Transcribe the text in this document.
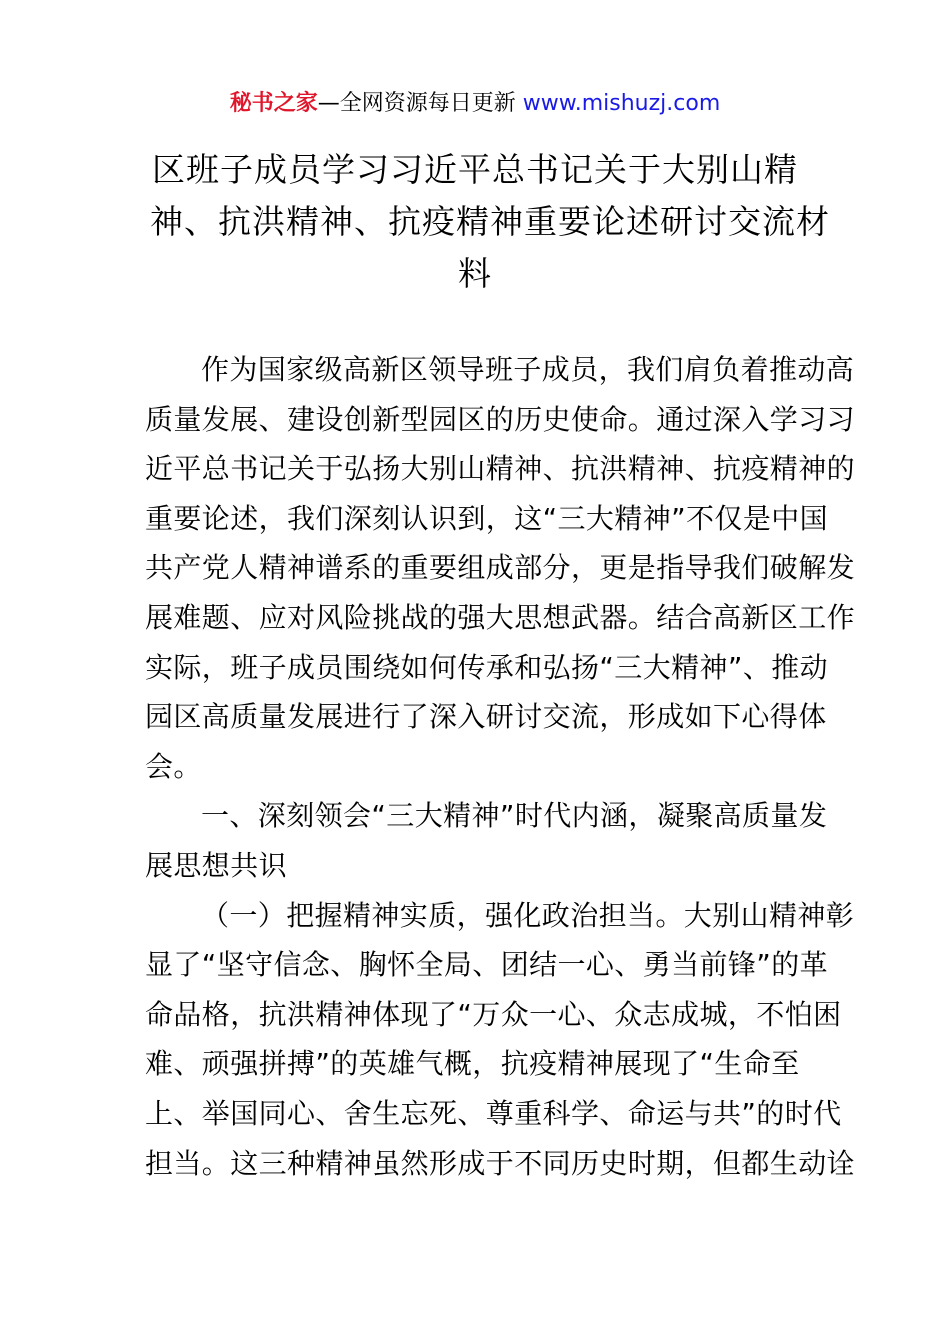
秘书之家—全网资源每日更新 www.mishuzj.com
区班子成员学习习近平总书记关于大别山精
神、抗洪精神、抗疫精神重要论述研讨交流材
料
作为国家级高新区领导班子成员，我们肩负着推动高
质量发展、建设创新型园区的历史使命。通过深入学习习
近平总书记关于弘扬大别山精神、抗洪精神、抗疫精神的
重要论述，我们深刻认识到，这“三大精神”不仅是中国
共产党人精神谱系的重要组成部分，更是指导我们破解发
展难题、应对风险挑战的强大思想武器。结合高新区工作
实际，班子成员围绕如何传承和弘扬“三大精神”、推动
园区高质量发展进行了深入研讨交流，形成如下心得体
会。
一、深刻领会“三大精神”时代内涵，凝聚高质量发
展思想共识
（一）把握精神实质，强化政治担当。大别山精神彰
显了“坚守信念、胸怀全局、团结一心、勇当前锋”的革
命品格，抗洪精神体现了“万众一心、众志成城，不怕困
难、顽强拼搏”的英雄气概，抗疫精神展现了“生命至
上、举国同心、舍生忘死、尊重科学、命运与共”的时代
担当。这三种精神虽然形成于不同历史时期，但都生动诠
